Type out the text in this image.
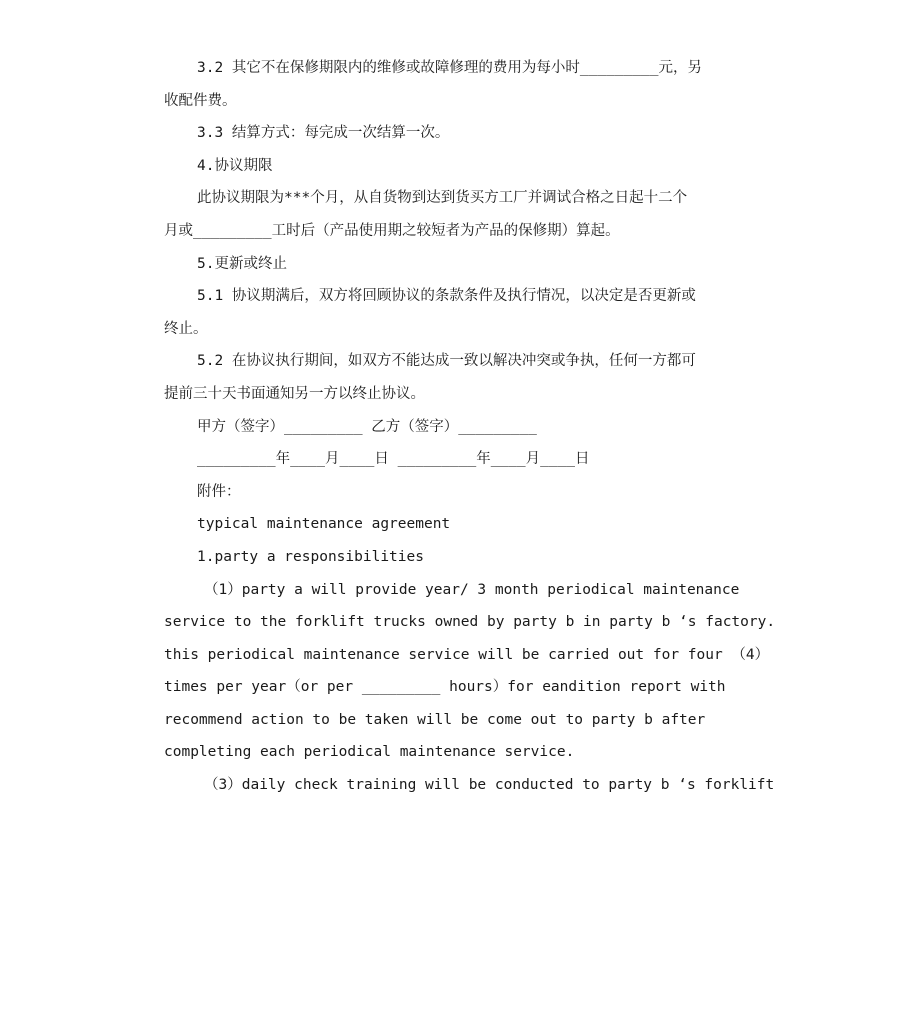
3.2 其它不在保修期限内的维修或故障修理的费用为每小时_________元，另
收配件费。
3.3 结算方式：每完成一次结算一次。
4.协议期限
此协议期限为***个月，从自货物到达到货买方工厂并调试合格之日起十二个
月或_________工时后（产品使用期之较短者为产品的保修期）算起。
5.更新或终止
5.1 协议期满后，双方将回顾协议的条款条件及执行情况，以决定是否更新或
终止。
5.2 在协议执行期间，如双方不能达成一致以解决冲突或争执，任何一方都可
提前三十天书面通知另一方以终止协议。
甲方（签字）_________ 乙方（签字）_________
_________年____月____日 _________年____月____日
附件：
typical maintenance agreement
1.party a responsibilities
（1）party a will provide year/ 3 month periodical maintenance
service to the forklift trucks owned by party b in party b ‘s factory.
this periodical maintenance service will be carried out for four （4）
times per year（or per _________ hours）for eandition report with
recommend action to be taken will be come out to party b after
completing each periodical maintenance service.
（3）daily check training will be conducted to party b ‘s forklift
